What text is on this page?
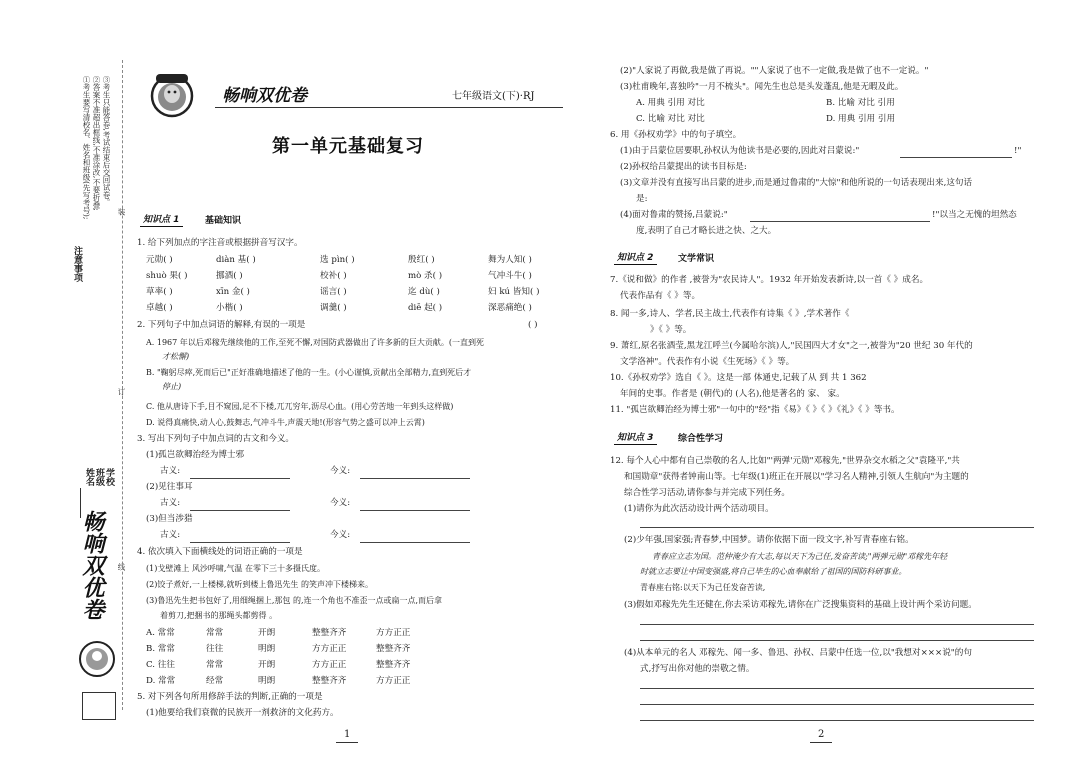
注意事项
①考生要写清校名、姓名和班级(先写考号); ②答案不准超出框线,不准涂改,不要折叠; ③考生只能答卷,考试结束后交回试卷。
装
订
线
学校
班级
姓名
畅响双优卷
畅响双优卷	七年级语文(下)·RJ
第一单元基础复习
知识点 1	基础知识
1. 给下列加点的字注音或根据拼音写汉字。
元勋( )	diàn 基( )	选 pìn( )	殷红( )	舞为人知( )
shuò 果( )	挪酒( )	校补( )	mò 杀( )	气冲斗牛( )
草率( )	xīn 金( )	谣言( )	迄 dù( )	妇 kú 皆知( )
卓越( )	小楷( )	调羹( )	diē 起( )	深恶痛绝( )
2. 下列句子中加点词语的解释,有误的一项是	( )
A. 1967 年以后邓稼先继续他的工作,至死不懈,对国防武器做出了许多新的巨大贡献。(一直到死
才松懈)
B. "鞠躬尽瘁,死而后已"正好准确地描述了他的一生。(小心谨慎,贡献出全部精力,直到死后才
停止)
C. 他从唐诗下手,目不窥园,足不下楼,兀兀穷年,沥尽心血。(用心劳苦地一年到头这样做)
D. 说得真痛快,动人心,鼓舞志,气冲斗牛,声震天地!(形容气势之盛可以冲上云霄)
3. 写出下列句子中加点词的古文和今义。
(1)孤岂欲卿治经为博士邪
古义:	今义:
(2)见往事耳
古义:	今义:
(3)但当涉猎
古义:	今义:
4. 依次填入下面横线处的词语正确的一项是
(1)戈壁滩上 风沙呼啸,气温 在零下三十多摄氏度。
(2)饺子煮好,一上楼梯,就听到楼上鲁迅先生 的笑声冲下楼梯来。
(3)鲁迅先生把书包好了,用细绳捆上,那包 的,连一个角也不准歪一点或扁一点,而后拿
着剪刀,把捆书的那绳头都剪得 。
A. 常常	常常	开朗	整整齐齐	方方正正
B. 常常	往往	明朗	方方正正	整整齐齐
C. 往往	常常	开朗	方方正正	整整齐齐
D. 常常	经常	明朗	整整齐齐	方方正正
5. 对下列各句所用修辞手法的判断,正确的一项是
(1)他要给我们衰微的民族开一剂救济的文化药方。
1
(2)"人家说了再做,我是做了再说。""人家说了也不一定做,我是做了也不一定说。"
(3)杜甫晚年,喜独吟"一月不梳头"。闻先生也总是头发蓬乱,他是无暇及此。
A. 用典 引用 对比	B. 比喻 对比 引用
C. 比喻 对比 对比	D. 用典 引用 引用
6. 用《孙权劝学》中的句子填空。
(1)由于吕蒙位居要职,孙权认为他读书是必要的,因此对吕蒙说:"	!"
(2)孙权给吕蒙提出的读书目标是:
(3)文章并没有直接写出吕蒙的进步,而是通过鲁肃的"大惊"和他所说的一句话表现出来,这句话
是:
(4)面对鲁肃的赞扬,吕蒙说:"	!"以当之无愧的坦然态
度,表明了自己才略长进之快、之大。
知识点 2	文学常识
7.《说和做》的作者 ,被誉为"农民诗人"。1932 年开始发表新诗,以一首《 》成名。
代表作品有《 》等。
8. 闻一多,诗人、学者,民主战士,代表作有诗集《 》,学术著作《
》《 》等。
9. 萧红,原名张酒莹,黑龙江呼兰(今属哈尔滨)人,"民国四大才女"之一,被誉为"20 世纪 30 年代的
文学洛神"。代表作有小说《生死场》《 》等。
10.《孙权劝学》选自《 》。这是一部 体通史,记载了从 到 共 1 362
年间的史事。作者是 (朝代)的 (人名),他是著名的 家、 家。
11. "孤岂欲卿治经为博士邪"一句中的"经"指《易》《 》《 》《礼》《 》等书。
知识点 3	综合性学习
12. 每个人心中都有自己崇敬的名人,比如"'两弹'元勋"邓稼先,"世界杂交水稻之父"袁隆平,"共
和国勋章"获得者钟南山等。七年级(1)班正在开展以"学习名人精神,引领人生航向"为主题的
综合性学习活动,请你参与并完成下列任务。
(1)请你为此次活动设计两个活动项目。
(2)少年强,国家强;青春梦,中国梦。请你依据下面一段文字,补写青春座右铭。
青春应立志为国。范仲淹少有大志,每以天下为己任,发奋苦读;"两弹元勋"邓稼先年轻
时就立志要让中国变强盛,将自己毕生的心血奉献给了祖国的国防科研事业。
青春座右铭:以天下为己任发奋苦读,
(3)假如邓稼先先生还健在,你去采访邓稼先,请你在广泛搜集资料的基础上设计两个采访问题。
(4)从本单元的名人 邓稼先、闻一多、鲁迅、孙权、吕蒙中任选一位,以"我想对×××说"的句
式,抒写出你对他的崇敬之情。
2
